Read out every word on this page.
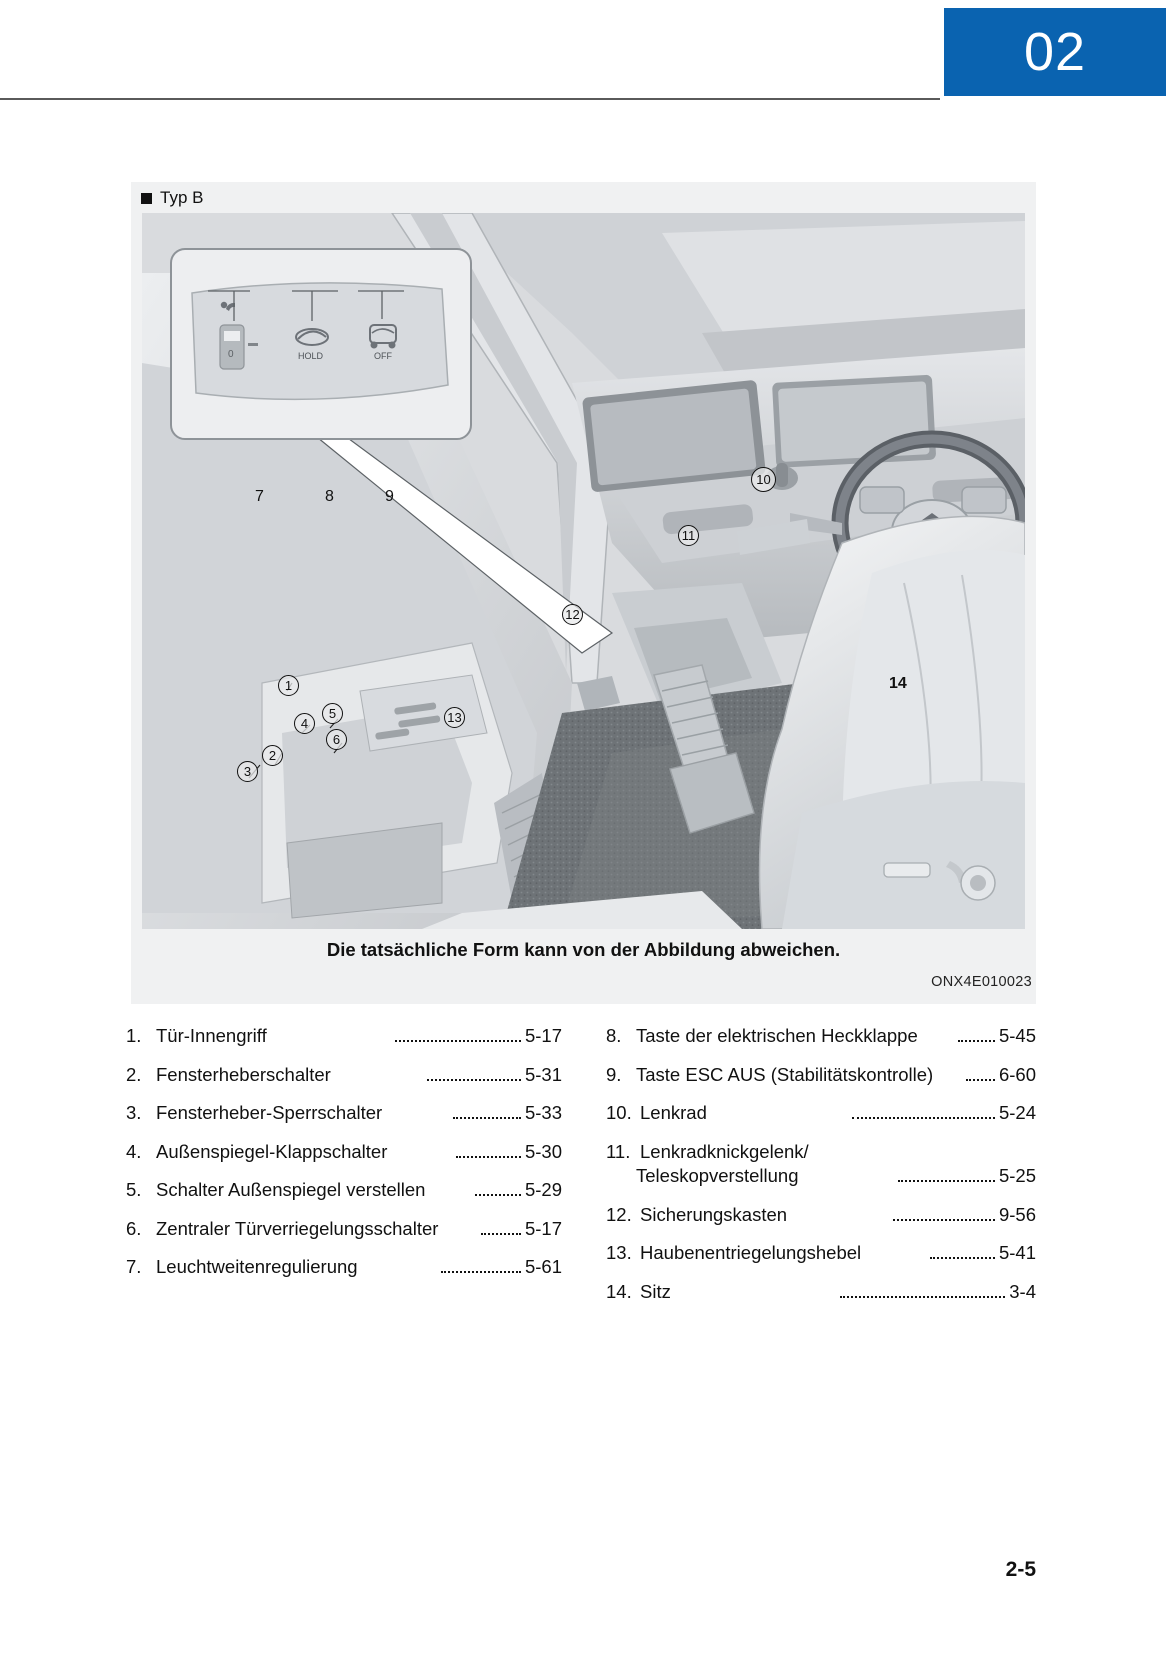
02
Typ B
0	HOLD	OFF
7	8	9
1
2
3
4
5
6
10
11
12
13
14
Die tatsächliche Form kann von der Abbildung abweichen.
ONX4E010023
1. Tür-Innengriff	5-17
2. Fensterheberschalter	5-31
3. Fensterheber-Sperrschalter	5-33
4. Außenspiegel-Klappschalter	5-30
5. Schalter Außenspiegel verstellen	5-29
6. Zentraler Türverriegelungsschalter	5-17
7. Leuchtweitenregulierung	5-61
8. Taste der elektrischen Heckklappe	5-45
9. Taste ESC AUS (Stabilitätskontrolle)	6-60
10. Lenkrad	5-24
11. Lenkradknickgelenk/
Teleskopverstellung	5-25
12. Sicherungskasten	9-56
13. Haubenentriegelungshebel	5-41
14. Sitz	3-4
2-5
